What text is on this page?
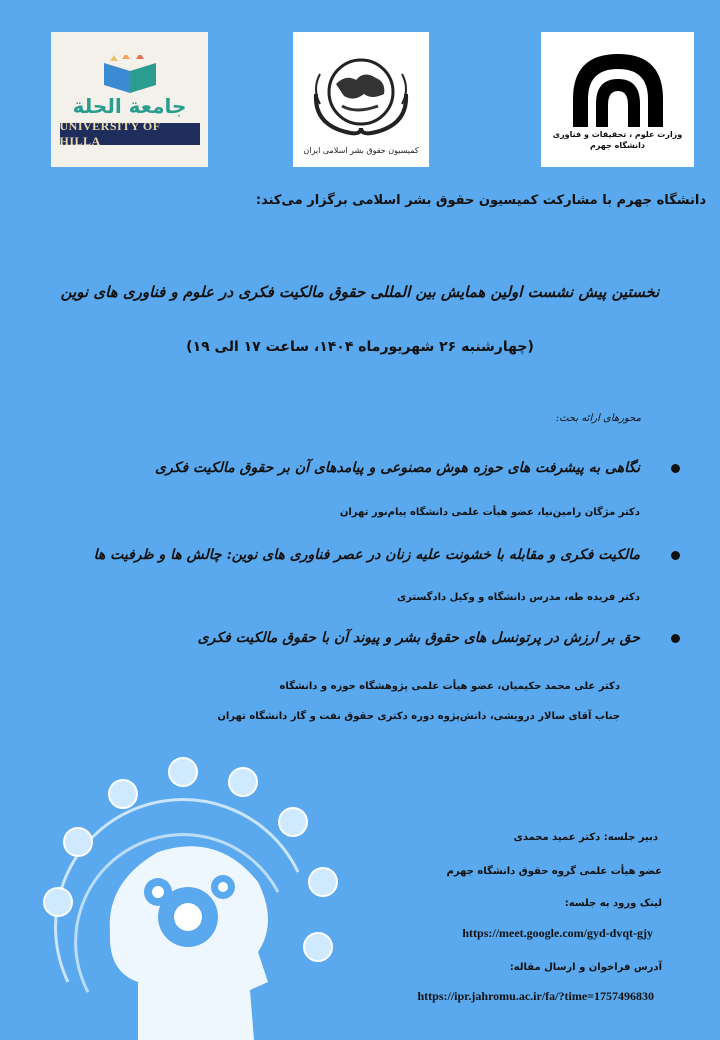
جامعة الحلة
UNIVERSITY OF HILLA
کمیسیون حقوق بشر اسلامی ایران
وزارت علوم ، تحقیقات و فناوری
دانشگاه جهرم
دانشگاه جهرم با مشارکت کمیسیون حقوق بشر اسلامی برگزار می‌کند:
نخستین پیش نشست اولین همایش بین المللی حقوق مالکیت فکری در علوم و فناوری های نوین
(چهارشنبه ۲۶ شهریورماه ۱۴۰۴، ساعت ۱۷ الی ۱۹)
محورهای ارائه بحث:
نگاهی به پیشرفت های حوزه هوش مصنوعی و پیامدهای آن بر حقوق مالکیت فکری
دکتر مژگان رامین‌نیا، عضو هیأت علمی دانشگاه پیام‌نور تهران
مالکیت فکری و مقابله با خشونت علیه زنان در عصر فناوری های نوین: چالش ها و ظرفیت ها
دکتر فریده طه، مدرس دانشگاه و وکیل دادگستری
حق بر ارزش در پرتونسل های حقوق بشر و پیوند آن با حقوق مالکیت فکری
دکتر علی محمد حکیمیان، عضو هیأت علمی پژوهشگاه حوزه و دانشگاه
جناب آقای سالار درویشی، دانش‌پژوه دوره دکتری حقوق نفت و گاز دانشگاه تهران
دبیر جلسه: دکتر عمید محمدی
عضو هیأت علمی گروه حقوق دانشگاه جهرم
لینک ورود به جلسه:
https://meet.google.com/gyd-dvqt-gjy
آدرس فراخوان و ارسال مقاله:
https://ipr.jahromu.ac.ir/fa/?time=1757496830
